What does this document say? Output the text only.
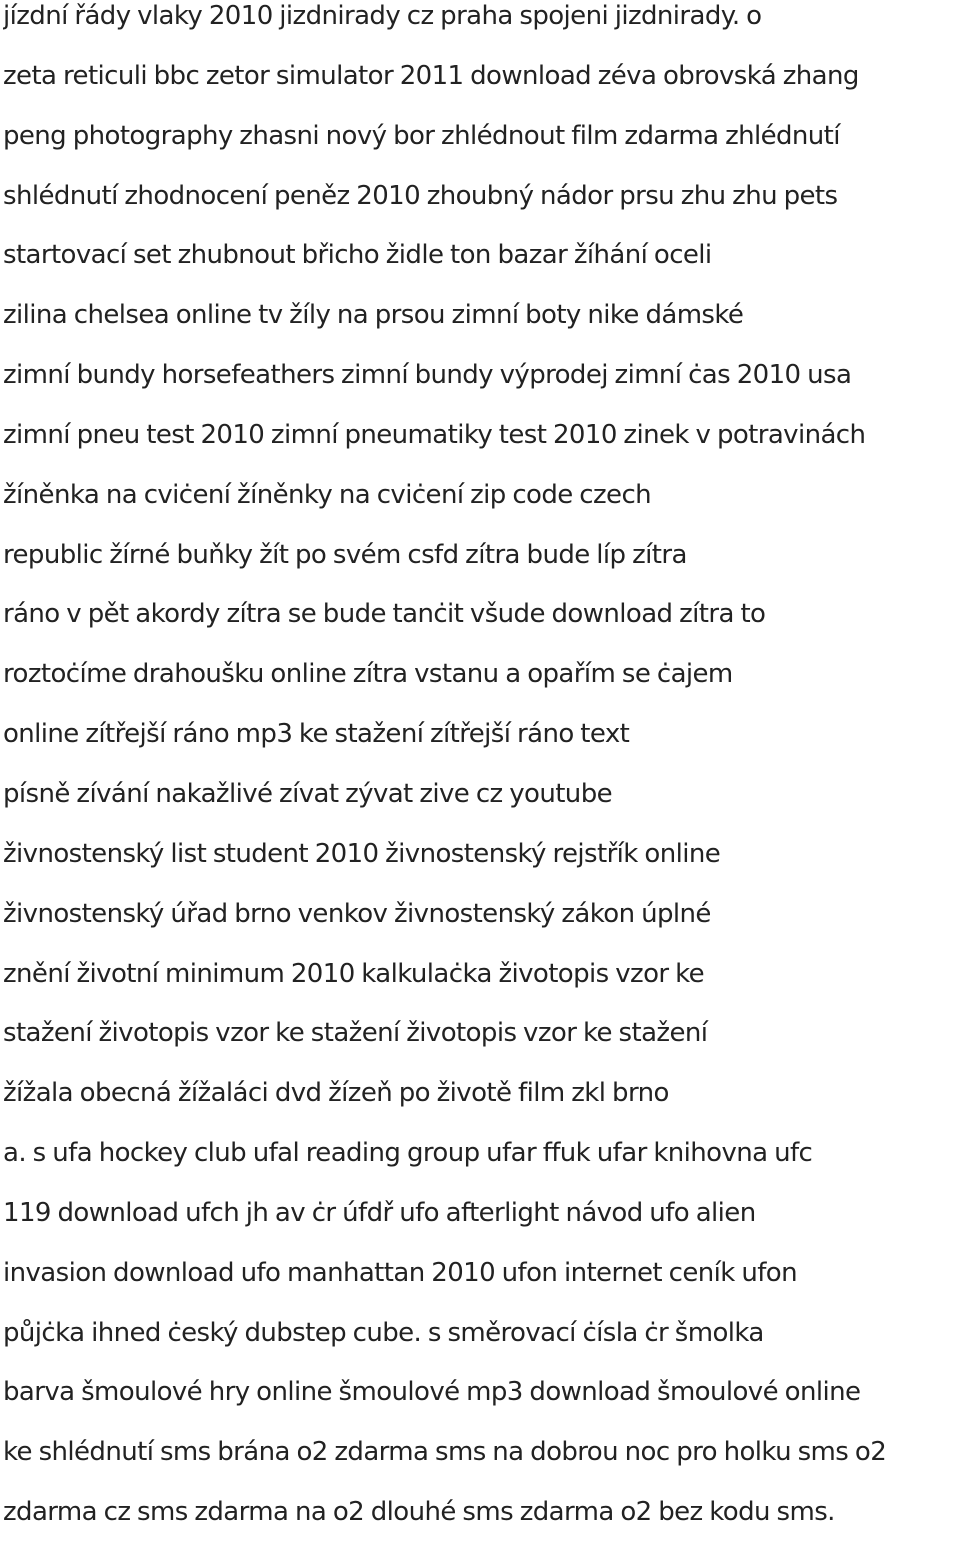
jízdní řády vlaky 2010 jizdnirady cz praha spojeni jizdnirady. o
zeta reticuli bbc zetor simulator 2011 download zéva obrovská zhang
peng photography zhasni nový bor zhlédnout film zdarma zhlédnutí
shlédnutí zhodnocení peněz 2010 zhoubný nádor prsu zhu zhu pets
startovací set zhubnout břicho židle ton bazar žíhání oceli
zilina chelsea online tv žíly na prsou zimní boty nike dámské
zimní bundy horsefeathers zimní bundy výprodej zimní ċas 2010 usa
zimní pneu test 2010 zimní pneumatiky test 2010 zinek v potravinách
žíněnka na cviċení žíněnky na cviċení zip code czech
republic žírné buňky žít po svém csfd zítra bude líp zítra
ráno v pět akordy zítra se bude tanċit všude download zítra to
roztoċíme drahoušku online zítra vstanu a opařím se ċajem
online zítřejší ráno mp3 ke stažení zítřejší ráno text
písně zívání nakažlivé zívat zývat zive cz youtube
živnostenský list student 2010 živnostenský rejstřík online
živnostenský úřad brno venkov živnostenský zákon úplné
znění životní minimum 2010 kalkulaċka životopis vzor ke
stažení životopis vzor ke stažení životopis vzor ke stažení
žížala obecná žížaláci dvd žízeň po životě film zkl brno
a. s ufa hockey club ufal reading group ufar ffuk ufar knihovna ufc
119 download ufch jh av ċr úfdř ufo afterlight návod ufo alien
invasion download ufo manhattan 2010 ufon internet ceník ufon
půjċka ihned ċeský dubstep cube. s směrovací ċísla ċr šmolka
barva šmoulové hry online šmoulové mp3 download šmoulové online
ke shlédnutí sms brána o2 zdarma sms na dobrou noc pro holku sms o2
zdarma cz sms zdarma na o2 dlouhé sms zdarma o2 bez kodu sms.
